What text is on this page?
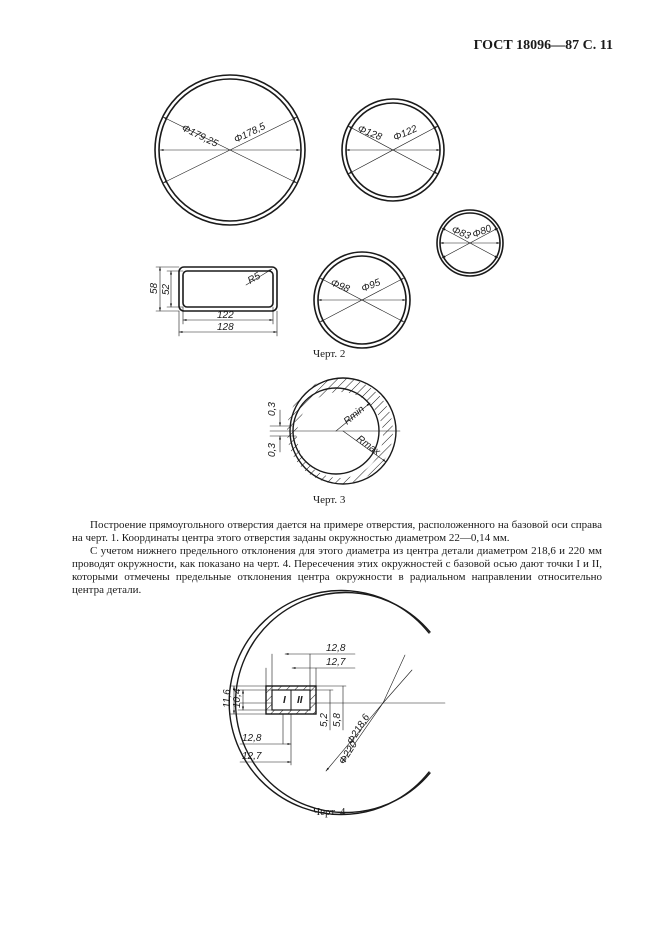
ГОСТ 18096—87 С. 11
Φ179,25 Φ178,5	Φ128 Φ122
Φ83
Φ80
Φ98 Φ95
58 52
R5
122
128
0,3
0,3
Rmin
Rmax
12,8
12,7
11,6 10,4
12,8
12,7
5,2 5,8 Φ218,6
Φ220
I II
Черт. 2
Черт. 3

Построение прямоугольного отверстия дается на примере отверстия, расположенного на базовой оси справа на черт. 1. Координаты центра этого отверстия заданы окружностью диаметром 22—0,14 мм.

С учетом нижнего предельного отклонения для этого диаметра из центра детали диаметром 218,6 и 220 мм проводят окружности, как показано на черт. 4. Пересечения этих окружностей с базовой осью дают точки I и II, которыми отмечены предельные отклонения центра окружности в радиальном направлении относительно центра детали.

Черт. 4
